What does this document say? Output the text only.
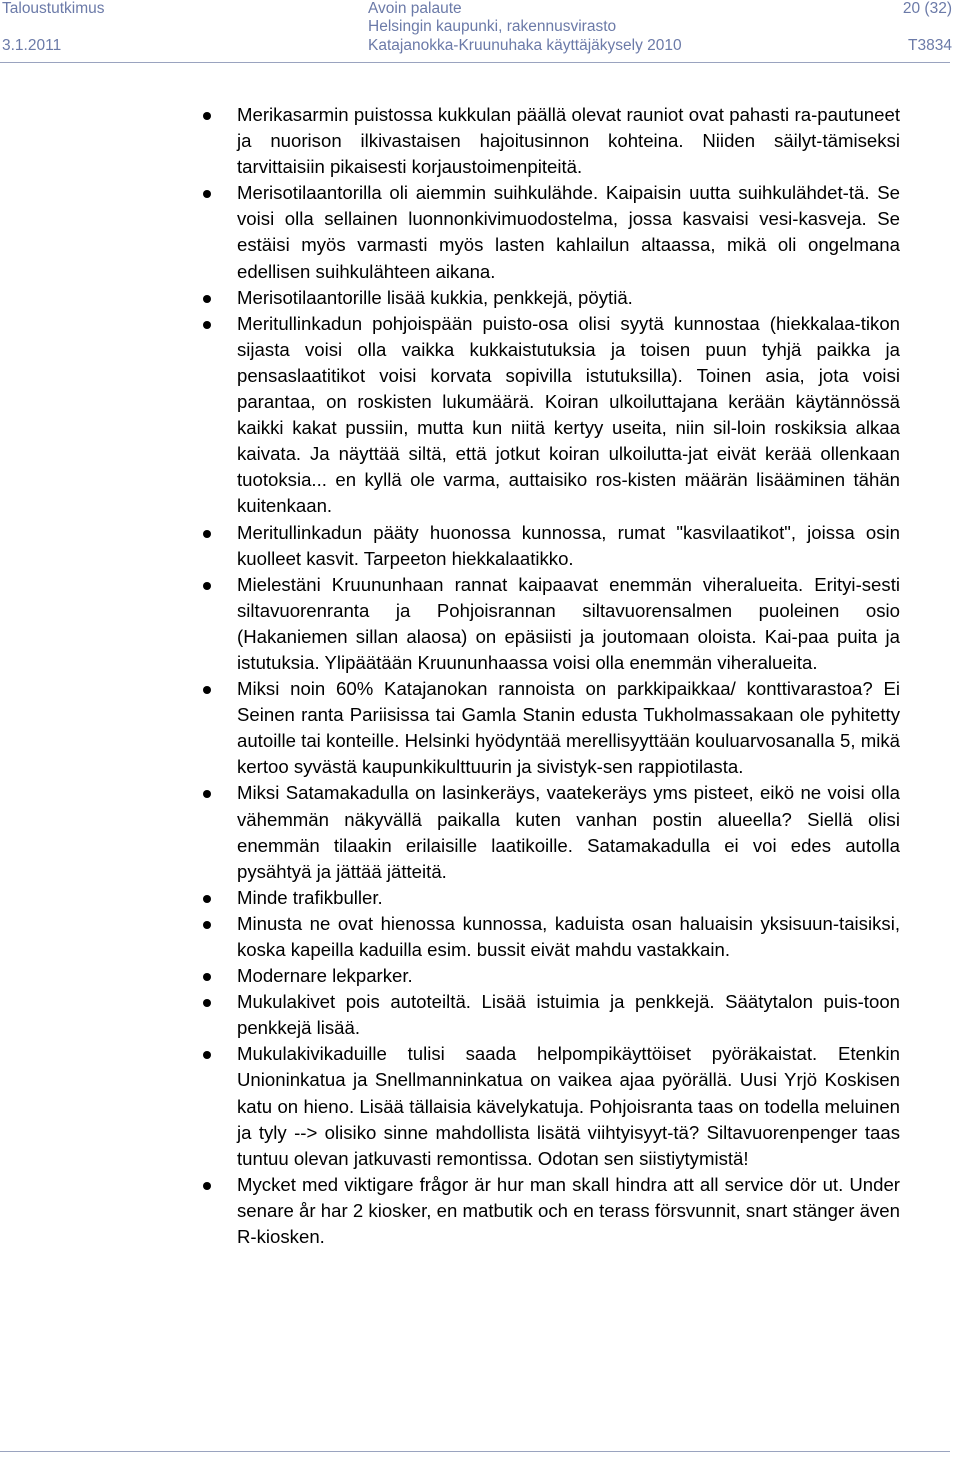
Taloustutkimus
3.1.2011
Avoin palaute
Helsingin kaupunki, rakennusvirasto
Katajanokka-Kruunuhaka käyttäjäkysely 2010
20 (32)
T3834
Merikasarmin puistossa kukkulan päällä olevat rauniot ovat pahasti ra-pautuneet ja nuorison ilkivastaisen hajoitusinnon kohteina. Niiden säilyt-tämiseksi tarvittaisiin pikaisesti korjaustoimenpiteitä.
Merisotilaantorilla oli aiemmin suihkulähde. Kaipaisin uutta suihkulähdet-tä. Se voisi olla sellainen luonnonkivimuodostelma, jossa kasvaisi vesi-kasveja. Se estäisi myös varmasti myös lasten kahlailun altaassa, mikä oli ongelmana edellisen suihkulähteen aikana.
Merisotilaantorille lisää kukkia, penkkejä, pöytiä.
Meritullinkadun pohjoispään puisto-osa olisi syytä kunnostaa (hiekkalaa-tikon sijasta voisi olla vaikka kukkaistutuksia ja toisen puun tyhjä paikka ja pensaslaatitikot voisi korvata sopivilla istutuksilla). Toinen asia, jota voisi parantaa, on roskisten lukumäärä. Koiran ulkoiluttajana kerään käytännössä kaikki kakat pussiin, mutta kun niitä kertyy useita, niin sil-loin roskiksia alkaa kaivata. Ja näyttää siltä, että jotkut koiran ulkoilutta-jat eivät kerää ollenkaan tuotoksia... en kyllä ole varma, auttaisiko ros-kisten määrän lisääminen tähän kuitenkaan.
Meritullinkadun pääty huonossa kunnossa, rumat "kasvilaatikot", joissa osin kuolleet kasvit. Tarpeeton hiekkalaatikko.
Mielestäni Kruununhaan rannat kaipaavat enemmän viheralueita. Erityi-sesti siltavuorenranta ja Pohjoisrannan siltavuorensalmen puoleinen osio (Hakaniemen sillan alaosa) on epäsiisti ja joutomaan oloista. Kai-paa puita ja istutuksia. Ylipäätään Kruununhaassa voisi olla enemmän viheralueita.
Miksi noin 60% Katajanokan rannoista on parkkipaikkaa/ konttivarastoa? Ei Seinen ranta Pariisissa tai Gamla Stanin edusta Tukholmassakaan ole pyhitetty autoille tai konteille. Helsinki hyödyntää merellisyyttään kouluarvosanalla 5, mikä kertoo syvästä kaupunkikulttuurin ja sivistyk-sen rappiotilasta.
Miksi Satamakadulla on lasinkeräys, vaatekeräys yms pisteet, eikö ne voisi olla vähemmän näkyvällä paikalla kuten vanhan postin alueella? Siellä olisi enemmän tilaakin erilaisille laatikoille. Satamakadulla ei voi edes autolla pysähtyä ja jättää jätteitä.
Minde trafikbuller.
Minusta ne ovat hienossa kunnossa, kaduista osan haluaisin yksisuun-taisiksi, koska kapeilla kaduilla esim. bussit eivät mahdu vastakkain.
Modernare lekparker.
Mukulakivet pois autoteiltä. Lisää istuimia ja penkkejä. Säätytalon puis-toon penkkejä lisää.
Mukulakivikaduille tulisi saada helpompikäyttöiset pyöräkaistat. Etenkin Unioninkatua ja Snellmanninkatua on vaikea ajaa pyörällä. Uusi Yrjö Koskisen katu on hieno. Lisää tällaisia kävelykatuja. Pohjoisranta taas on todella meluinen ja tyly --> olisiko sinne mahdollista lisätä viihtyisyyt-tä? Siltavuorenpenger taas tuntuu olevan jatkuvasti remontissa. Odotan sen siistiytymistä!
Mycket med viktigare frågor är hur man skall hindra att all service dör ut. Under senare år har 2 kiosker, en matbutik och en terass försvunnit, snart stänger även R-kiosken.
